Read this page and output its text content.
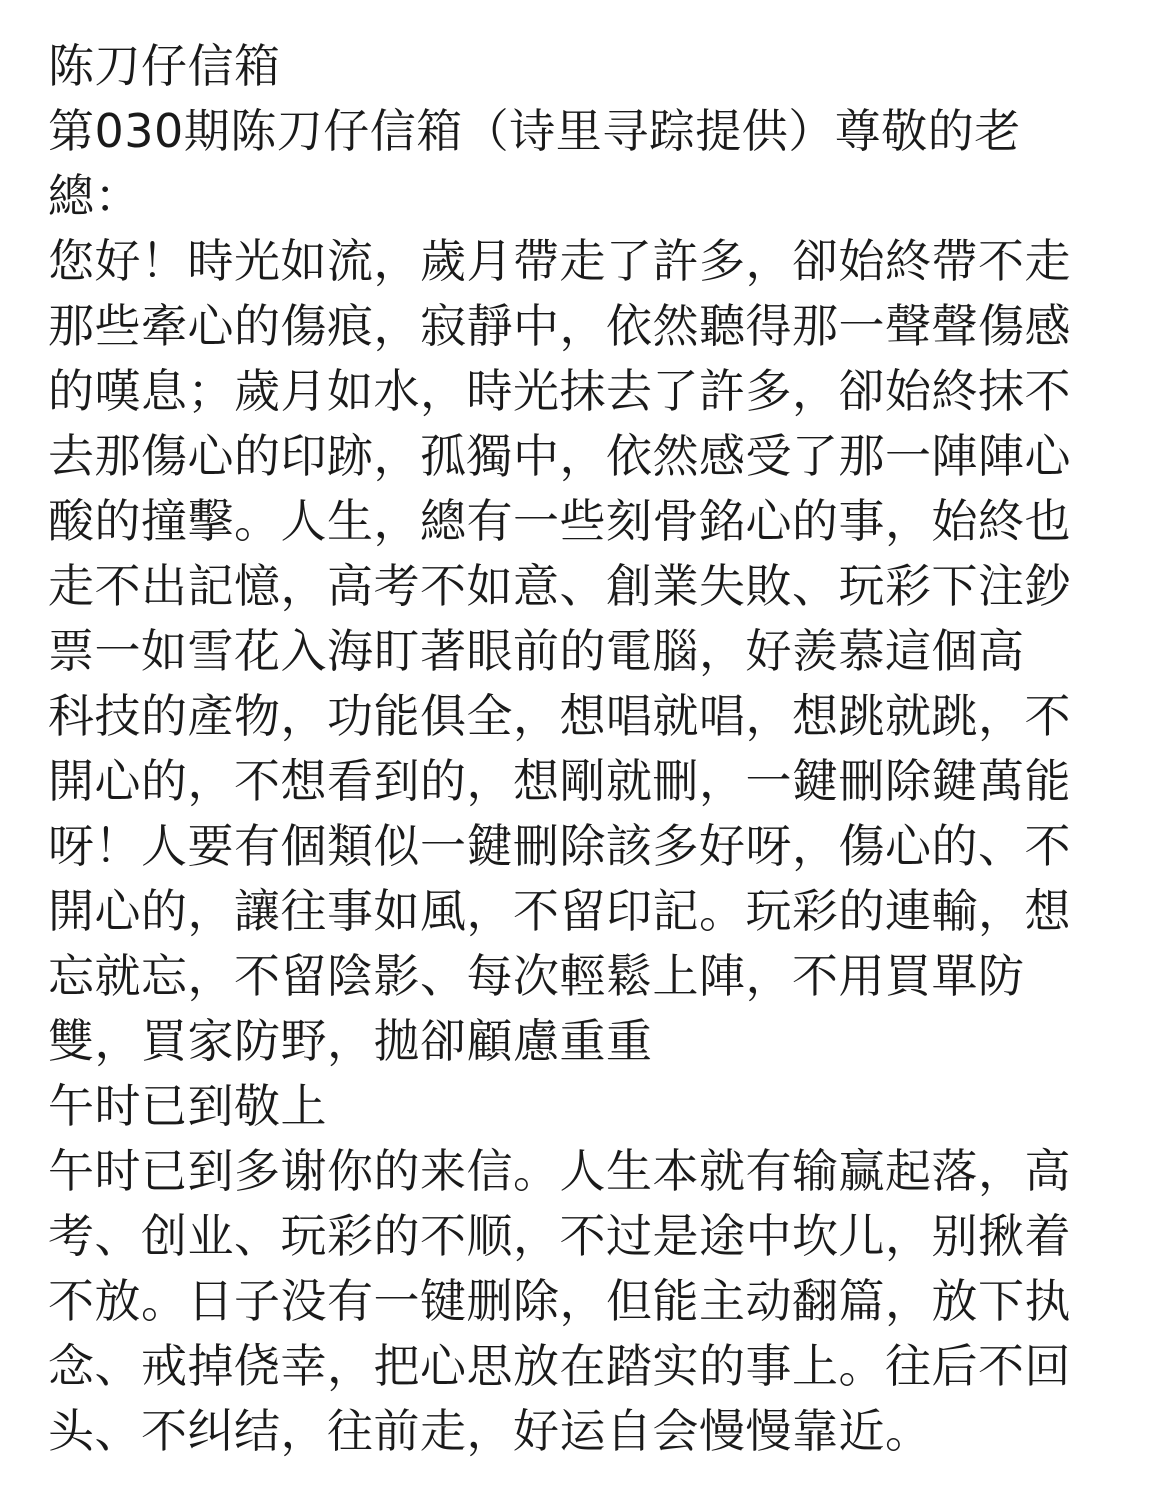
陈刀仔信箱

第030期陈刀仔信箱（诗里寻踪提供）尊敬的老

總：

您好！時光如流，歲月帶走了許多，卻始終帶不走

那些牽心的傷痕，寂靜中，依然聽得那一聲聲傷感

的嘆息；歲月如水，時光抹去了許多，卻始終抹不

去那傷心的印跡，孤獨中，依然感受了那一陣陣心

酸的撞擊。人生，總有一些刻骨銘心的事，始終也

走不出記憶，高考不如意、創業失敗、玩彩下注鈔

票一如雪花入海盯著眼前的電腦，好羨慕這個高

科技的產物，功能俱全，想唱就唱，想跳就跳，不

開心的，不想看到的，想剛就刪，一鍵刪除鍵萬能

呀！人要有個類似一鍵刪除該多好呀，傷心的、不

開心的，讓往事如風，不留印記。玩彩的連輸，想

忘就忘，不留陰影、每次輕鬆上陣，不用買單防

雙，買家防野，拋卻顧慮重重

午时已到敬上

午时已到多谢你的来信。人生本就有输赢起落，高

考、创业、玩彩的不顺，不过是途中坎儿，别揪着

不放。日子没有一键删除，但能主动翻篇，放下执

念、戒掉侥幸，把心思放在踏实的事上。往后不回

头、不纠结，往前走，好运自会慢慢靠近。
